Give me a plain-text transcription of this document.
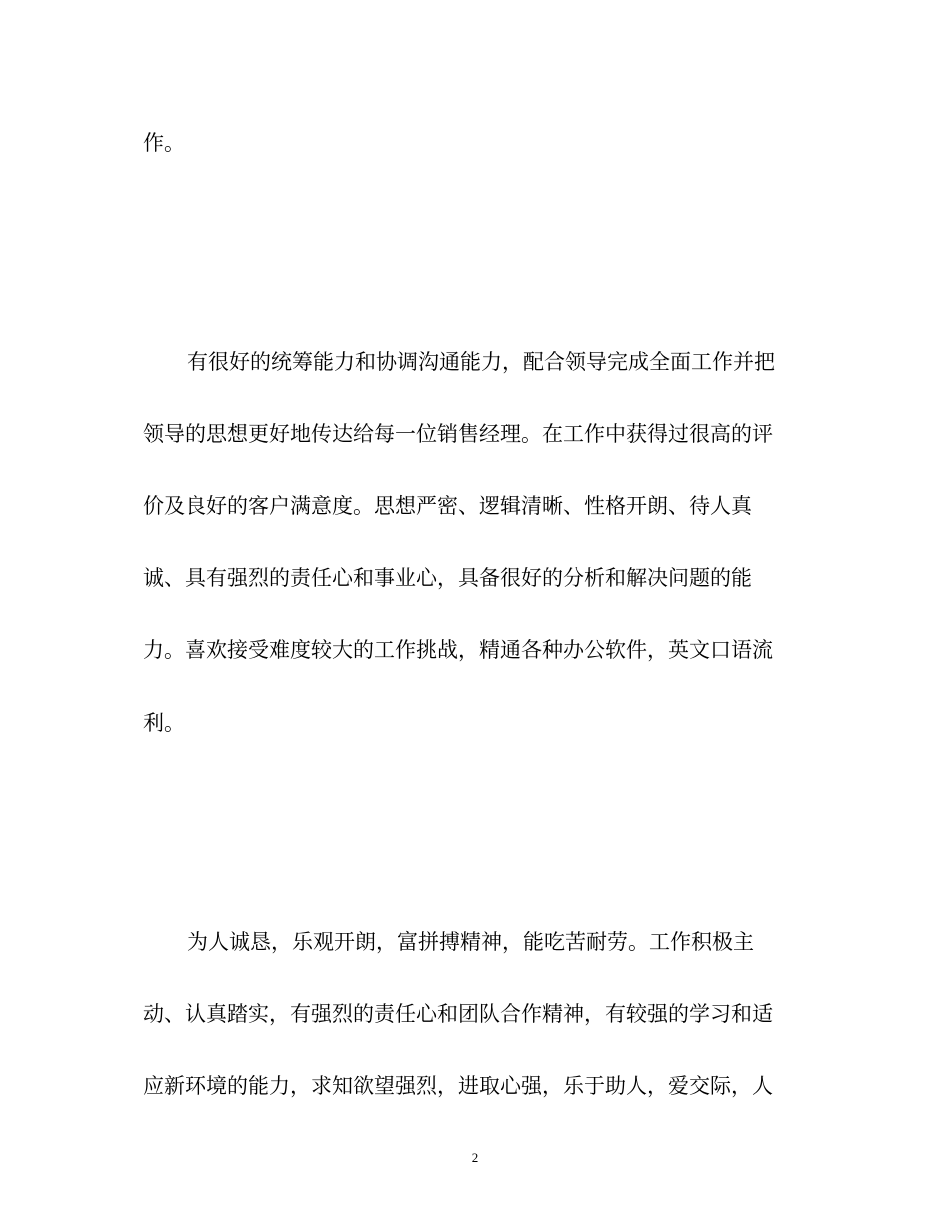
作。
有很好的统筹能力和协调沟通能力，配合领导完成全面工作并把
领导的思想更好地传达给每一位销售经理。在工作中获得过很高的评
价及良好的客户满意度。思想严密、逻辑清晰、性格开朗、待人真
诚、具有强烈的责任心和事业心，具备很好的分析和解决问题的能
力。喜欢接受难度较大的工作挑战，精通各种办公软件，英文口语流
利。
为人诚恳，乐观开朗，富拼搏精神，能吃苦耐劳。工作积极主
动、认真踏实，有强烈的责任心和团队合作精神，有较强的学习和适
应新环境的能力，求知欲望强烈，进取心强，乐于助人，爱交际，人
2
